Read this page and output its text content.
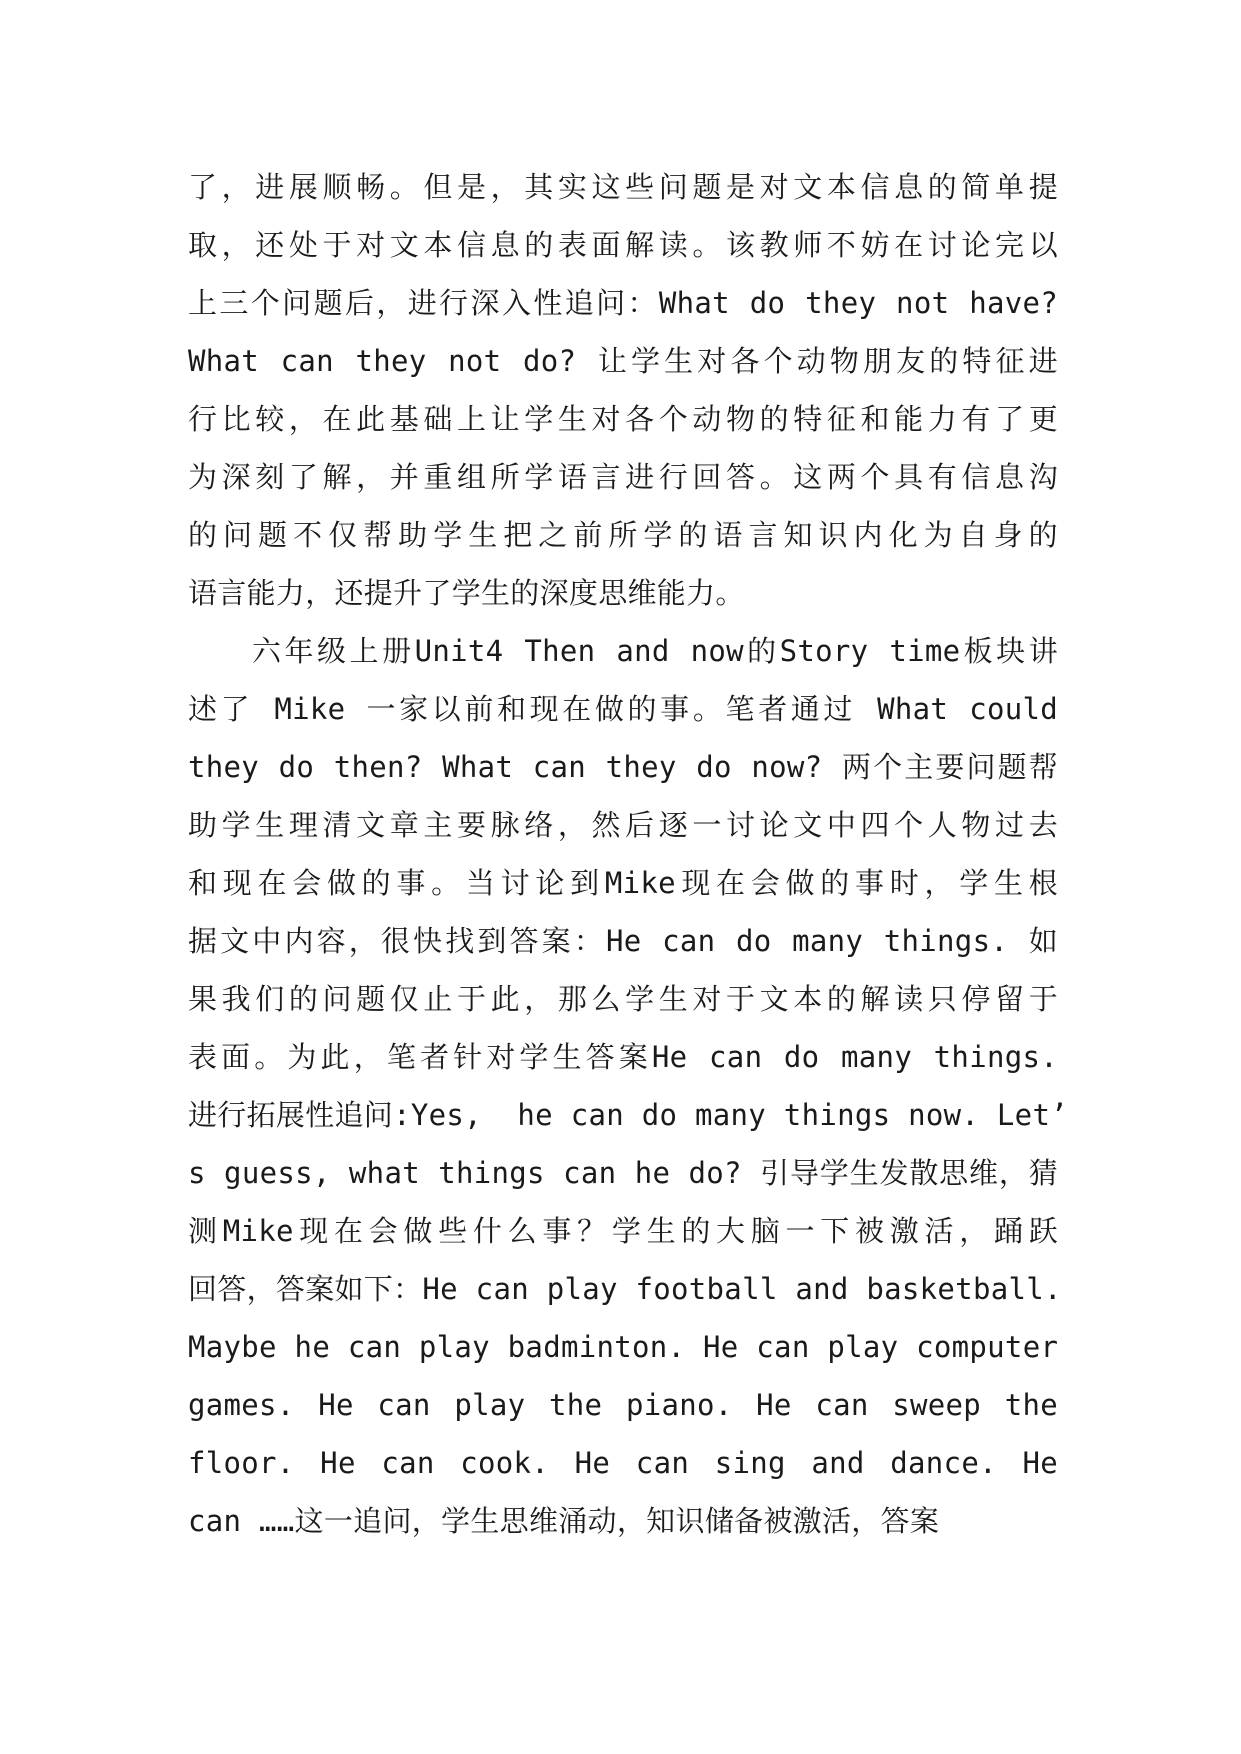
了，进展顺畅。但是，其实这些问题是对文本信息的简单提
取，还处于对文本信息的表面解读。该教师不妨在讨论完以
上三个问题后，进行深入性追问：What do they not have?
What can they not do? 让学生对各个动物朋友的特征进
行比较，在此基础上让学生对各个动物的特征和能力有了更
为深刻了解，并重组所学语言进行回答。这两个具有信息沟
的问题不仅帮助学生把之前所学的语言知识内化为自身的
语言能力，还提升了学生的深度思维能力。
六年级上册Unit4 Then and now的Story time板块讲
述了 Mike 一家以前和现在做的事。笔者通过 What could
they do then? What can they do now? 两个主要问题帮
助学生理清文章主要脉络，然后逐一讨论文中四个人物过去
和现在会做的事。当讨论到Mike现在会做的事时，学生根
据文中内容，很快找到答案：He can do many things. 如
果我们的问题仅止于此，那么学生对于文本的解读只停留于
表面。为此，笔者针对学生答案He can do many things.
进行拓展性追问:Yes,  he can do many things now. Let’
s guess, what things can he do? 引导学生发散思维，猜
测Mike现在会做些什么事？学生的大脑一下被激活，踊跃
回答，答案如下：He can play football and basketball.
Maybe he can play badminton. He can play computer
games. He can play the piano. He can sweep the
floor. He can cook. He can sing and dance. He
can ……这一追问，学生思维涌动，知识储备被激活，答案
